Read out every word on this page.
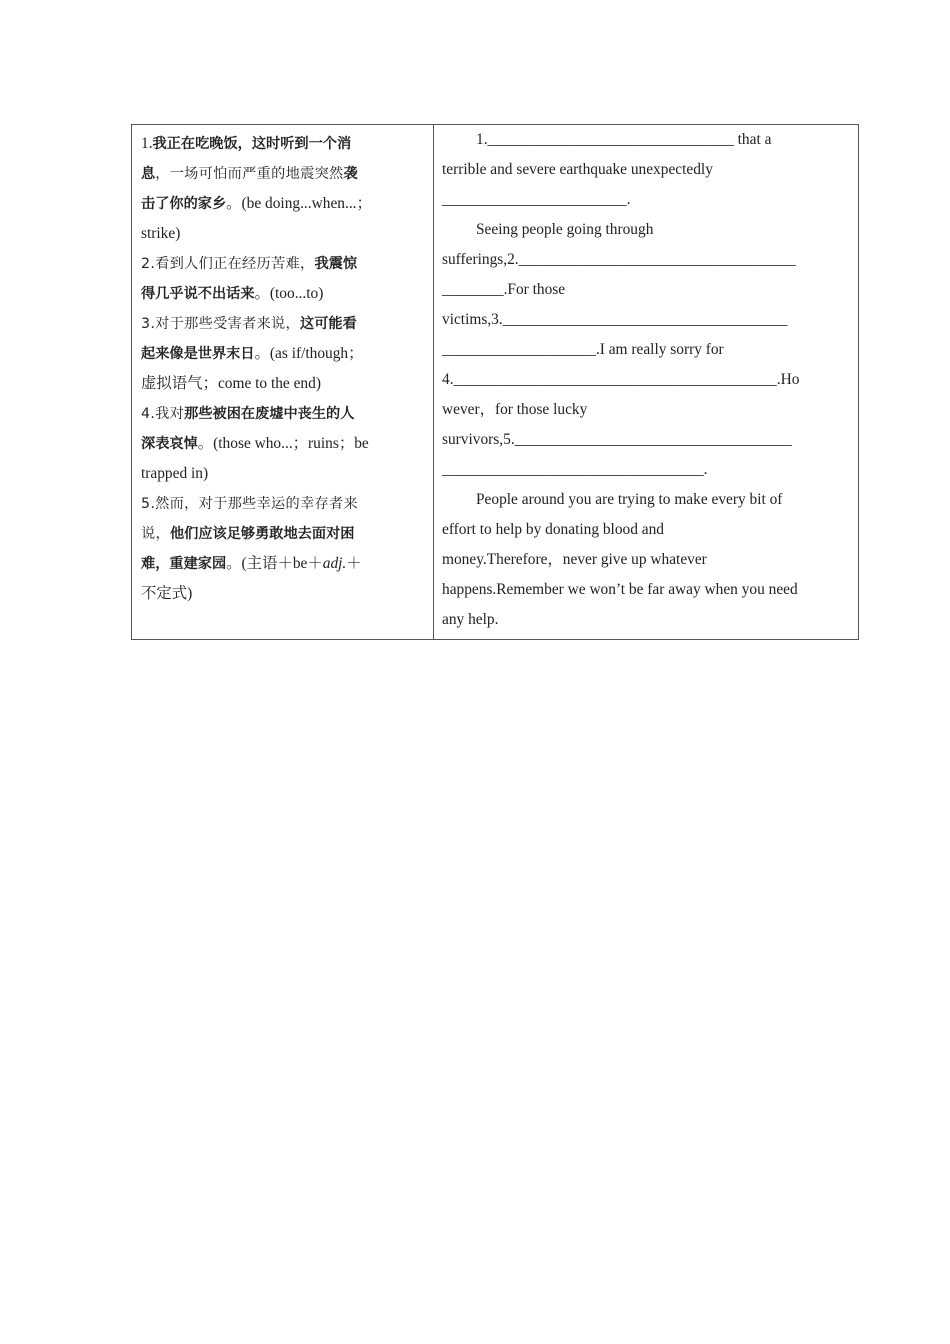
1.我正在吃晚饭，这时听到一个消
息，一场可怕而严重的地震突然袭
击了你的家乡。(be doing...when...；
strike)
2.看到人们正在经历苦难，我震惊
得几乎说不出话来。(too...to)
3.对于那些受害者来说，这可能看
起来像是世界末日。(as if/though；
虚拟语气；come to the end)
4.我对那些被困在废墟中丧生的人
深表哀悼。(those who...；ruins；be
trapped in)
5.然而，对于那些幸运的幸存者来
说，他们应该足够勇敢地去面对困
难，重建家园。(主语＋be＋adj.＋
不定式)

1.________________________________ that a
terrible and severe earthquake unexpectedly
________________________.
Seeing people going through
sufferings,2.____________________________________
________.For those
victims,3._____________________________________
____________________.I am really sorry for
4.__________________________________________.Ho
wever，for those lucky
survivors,5.____________________________________
__________________________________.
People around you are trying to make every bit of
effort to help by donating blood and
money.Therefore，never give up whatever
happens.Remember we won’t be far away when you need
any help.
